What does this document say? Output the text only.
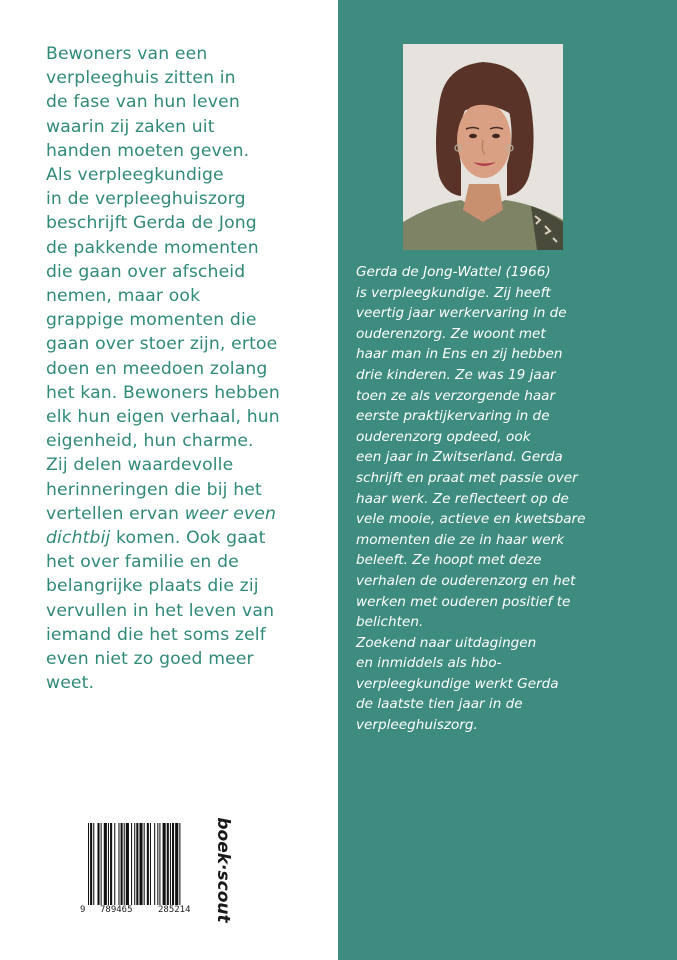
Bewoners van een
verpleeghuis zitten in
de fase van hun leven
waarin zij zaken uit
handen moeten geven.
Als verpleegkundige
in de verpleeghuiszorg
beschrijft Gerda de Jong
de pakkende momenten
die gaan over afscheid
nemen, maar ook
grappige momenten die
gaan over stoer zijn, ertoe
doen en meedoen zolang
het kan. Bewoners hebben
elk hun eigen verhaal, hun
eigenheid, hun charme.
Zij delen waardevolle
herinneringen die bij het
vertellen ervan weer even
dichtbij komen. Ook gaat
het over familie en de
belangrijke plaats die zij
vervullen in het leven van
iemand die het soms zelf
even niet zo goed meer
weet.
Gerda de Jong-Wattel (1966)
is verpleegkundige. Zij heeft
veertig jaar werkervaring in de
ouderenzorg. Ze woont met
haar man in Ens en zij hebben
drie kinderen. Ze was 19 jaar
toen ze als verzorgende haar
eerste praktijkervaring in de
ouderenzorg opdeed, ook
een jaar in Zwitserland. Gerda
schrijft en praat met passie over
haar werk. Ze reflecteert op de
vele mooie, actieve en kwetsbare
momenten die ze in haar werk
beleeft. Ze hoopt met deze
verhalen de ouderenzorg en het
werken met ouderen positief te
belichten.
Zoekend naar uitdagingen
en inmiddels als hbo-
verpleegkundige werkt Gerda
de laatste tien jaar in de
verpleeghuiszorg.
9 789465	285214 boek·scout
